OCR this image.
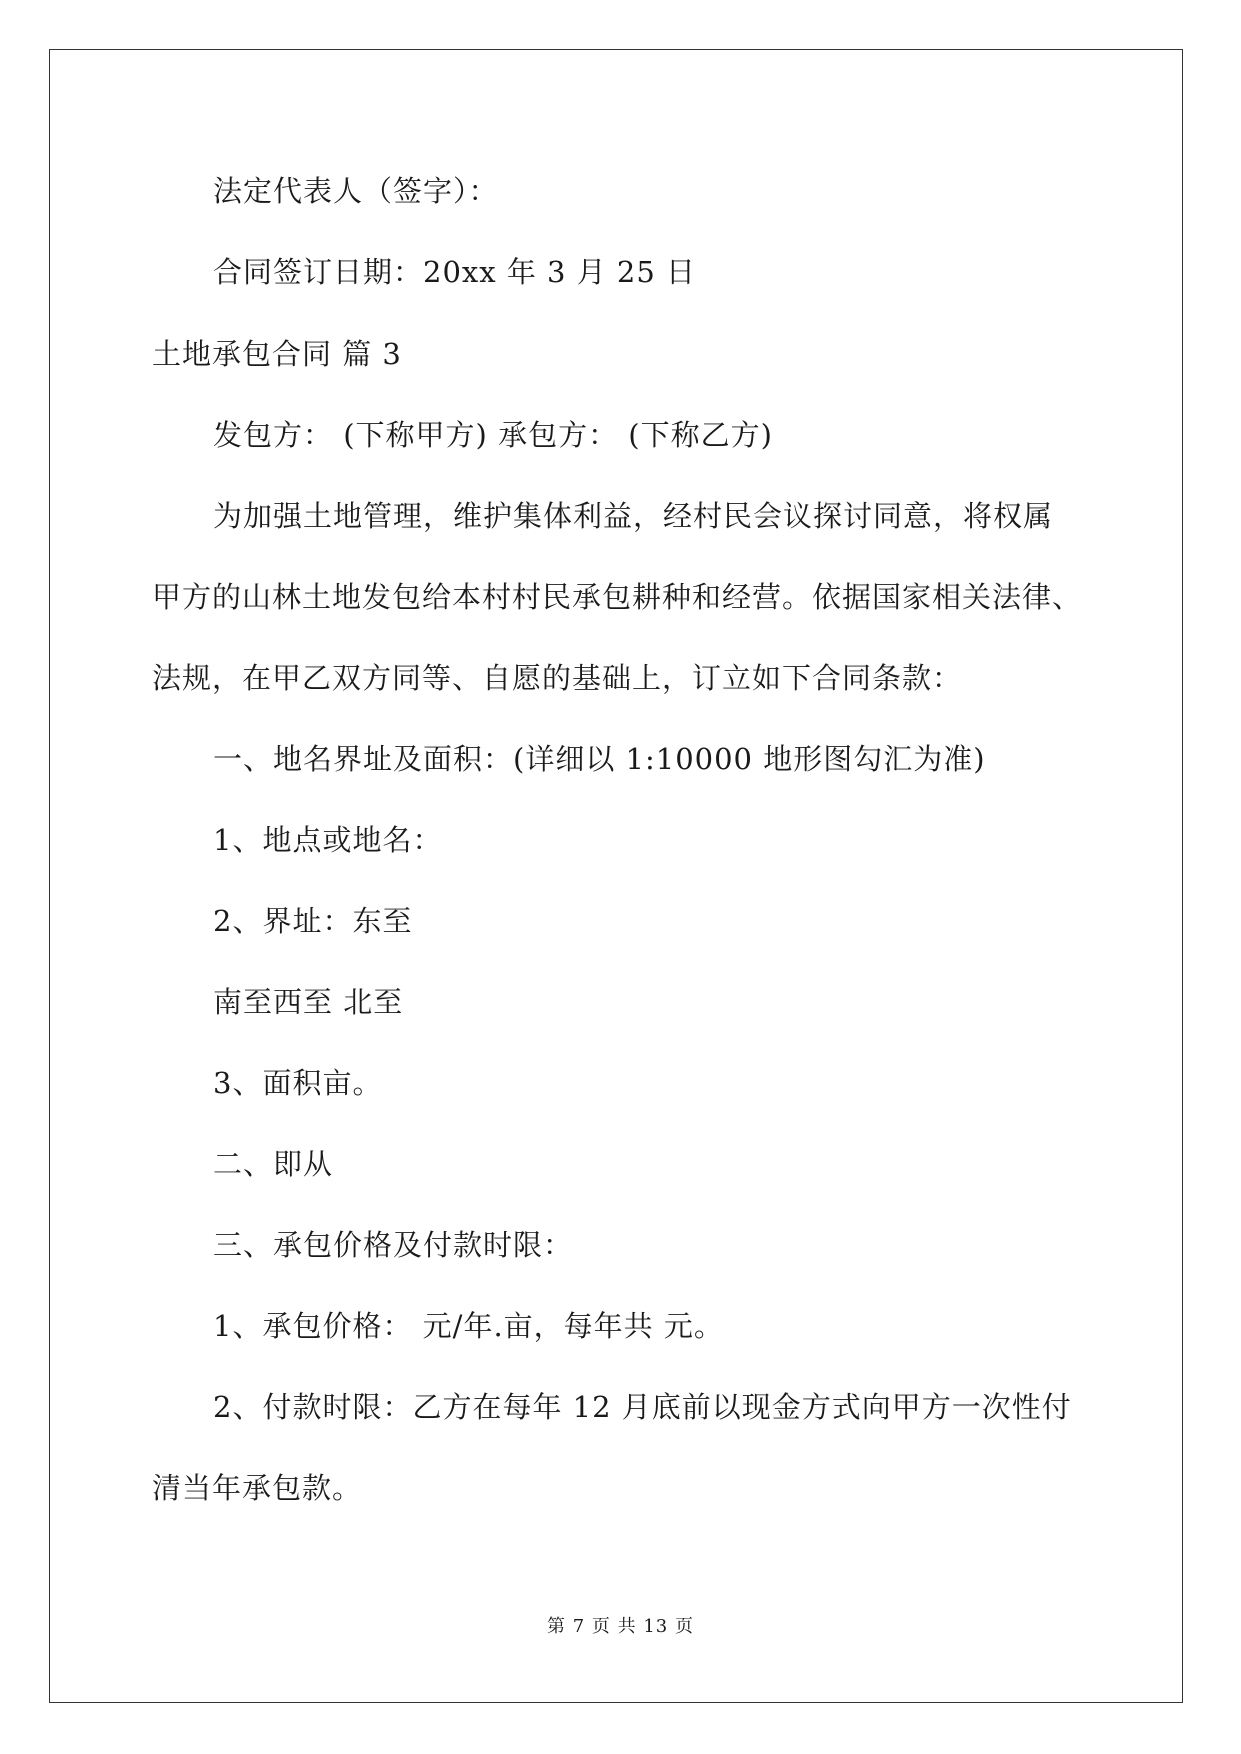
法定代表人（签字）：

合同签订日期：20xx 年 3 月 25 日

土地承包合同 篇 3

发包方： (下称甲方) 承包方： (下称乙方)

为加强土地管理，维护集体利益，经村民会议探讨同意，将权属

甲方的山林土地发包给本村村民承包耕种和经营。依据国家相关法律、

法规，在甲乙双方同等、自愿的基础上，订立如下合同条款：

一、地名界址及面积：(详细以 1:10000 地形图勾汇为准)

1、地点或地名：

2、界址：东至

南至西至 北至

3、面积亩。

二、即从

三、承包价格及付款时限：

1、承包价格： 元/年.亩，每年共 元。

2、付款时限：乙方在每年 12 月底前以现金方式向甲方一次性付

清当年承包款。

第 7 页 共 13 页
